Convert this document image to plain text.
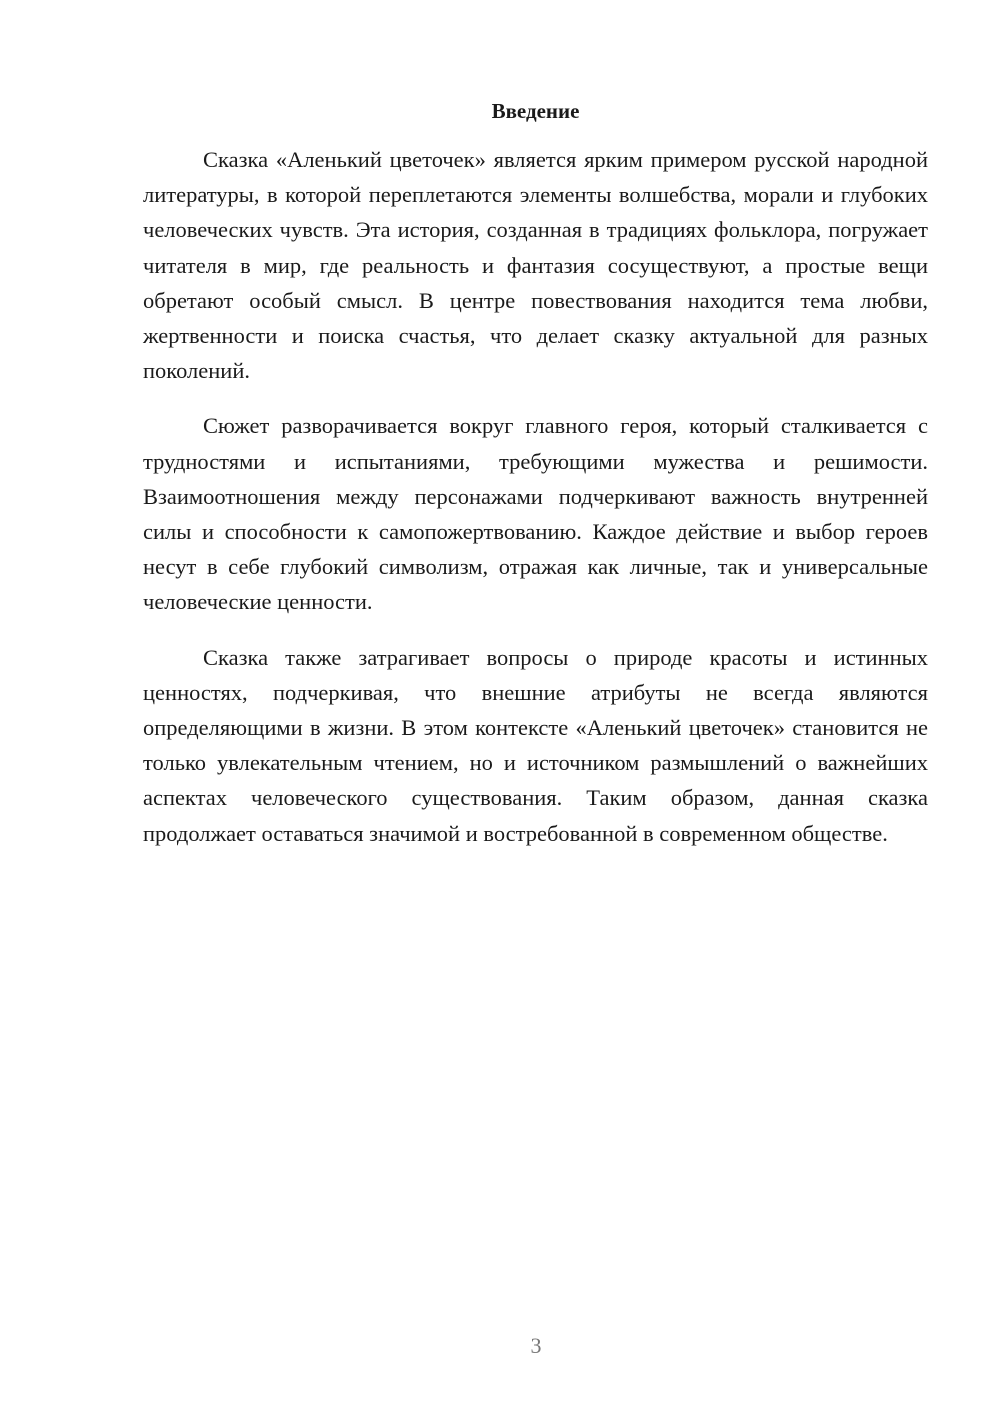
Введение

Сказка «Аленький цветочек» является ярким примером русской народной литературы, в которой переплетаются элементы волшебства, морали и глубоких человеческих чувств. Эта история, созданная в традициях фольклора, погружает читателя в мир, где реальность и фантазия сосуществуют, а простые вещи обретают особый смысл. В центре повествования находится тема любви, жертвенности и поиска счастья, что делает сказку актуальной для разных поколений.

Сюжет разворачивается вокруг главного героя, который сталкивается с трудностями и испытаниями, требующими мужества и решимости. Взаимоотношения между персонажами подчеркивают важность внутренней силы и способности к самопожертвованию. Каждое действие и выбор героев несут в себе глубокий символизм, отражая как личные, так и универсальные человеческие ценности.

Сказка также затрагивает вопросы о природе красоты и истинных ценностях, подчеркивая, что внешние атрибуты не всегда являются определяющими в жизни. В этом контексте «Аленький цветочек» становится не только увлекательным чтением, но и источником размышлений о важнейших аспектах человеческого существования. Таким образом, данная сказка продолжает оставаться значимой и востребованной в современном обществе.

3
